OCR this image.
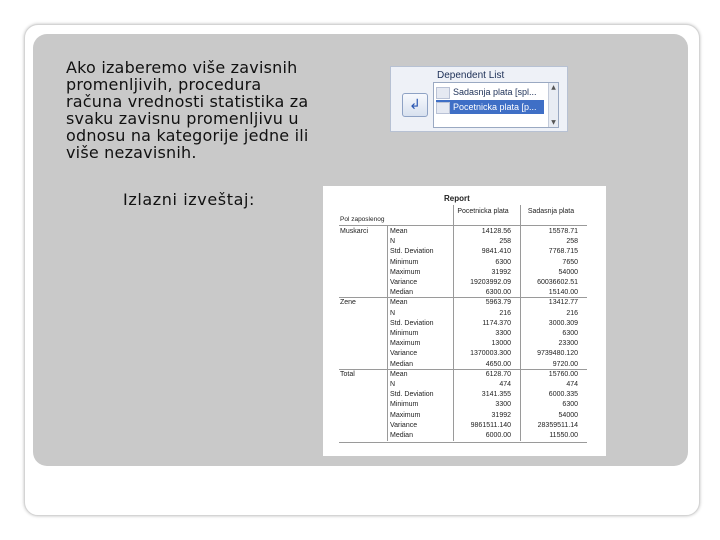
Ako izaberemo više zavisnih
promenljivih, procedura
računa vrednosti statistika za
svaku zavisnu promenljivu u
odnosu na kategorije jedne ili
više nezavisnih.
Izlazni izveštaj:
Dependent List
↲
Sadasnja plata [spl...
Pocetnicka plata [p...
▲
▼
Report
Pocetnicka plata	Sadasnja plata
Pol zaposlenog
Muskarci	Mean	14128.56	15578.71
N	258	258
Std. Deviation	9841.410	7768.715
Minimum	6300	7650
Maximum	31992	54000
Variance	19203992.09	60036602.51
Median	6300.00	15140.00
Zene	Mean	5963.79	13412.77
N	216	216
Std. Deviation	1174.370	3000.309
Minimum	3300	6300
Maximum	13000	23300
Variance	1370003.300	9739480.120
Median	4650.00	9720.00
Total	Mean	6128.70	15760.00
N	474	474
Std. Deviation	3141.355	6000.335
Minimum	3300	6300
Maximum	31992	54000
Variance	9861511.140	28359511.14
Median	6000.00	11550.00
